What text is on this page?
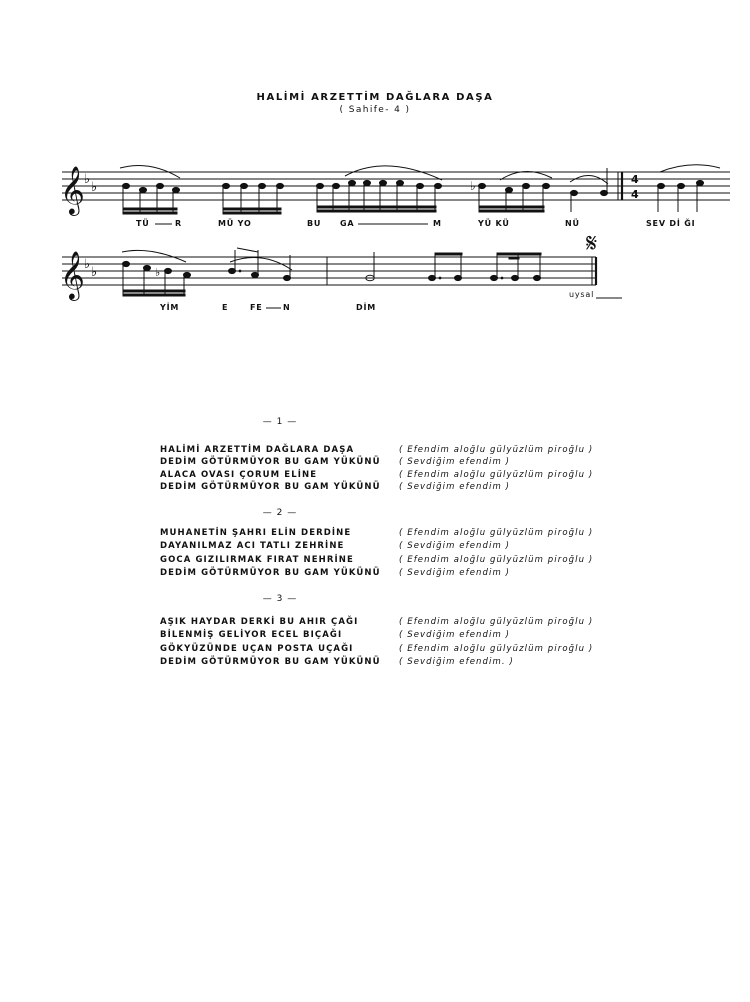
HALİMİ ARZETTİM DAĞLARA DAŞA
( Sahife- 4 )
𝄞 ♭
♭
4
4
♭
TÜ	R	MÜ YO	BU GA	M	YÜ KÜ	NÜ	SEV Dİ ĞI
𝄞 ♭
♭	♭
𝄋
YİM	E	FE	N	DİM
uysal
— 1 —
HALİMİ ARZETTİM DAĞLARA DAŞA	( Efendim aloğlu gülyüzlüm piroğlu )
DEDİM GÖTÜRMÜYOR BU GAM YÜKÜNÜ ( Sevdiğim efendim )
ALACA OVASI ÇORUM ELİNE	( Efendim aloğlu gülyüzlüm piroğlu )
DEDİM GÖTÜRMÜYOR BU GAM YÜKÜNÜ ( Sevdiğim efendim )
— 2 —
MUHANETİN ŞAHRI ELİN DERDİNE	( Efendim aloğlu gülyüzlüm piroğlu )
DAYANILMAZ ACI TATLI ZEHRİNE	( Sevdiğim efendim )
GOCA GIZILIRMAK FIRAT NEHRİNE	( Efendim aloğlu gülyüzlüm piroğlu )
DEDİM GÖTÜRMÜYOR BU GAM YÜKÜNÜ ( Sevdiğim efendim )
— 3 —
AŞIK HAYDAR DERKİ BU AHIR ÇAĞI	( Efendim aloğlu gülyüzlüm piroğlu )
BİLENMİŞ GELİYOR ECEL BIÇAĞI	( Sevdiğim efendim )
GÖKYÜZÜNDE UÇAN POSTA UÇAĞI	( Efendim aloğlu gülyüzlüm piroğlu )
DEDİM GÖTÜRMÜYOR BU GAM YÜKÜNÜ ( Sevdiğim efendim. )
